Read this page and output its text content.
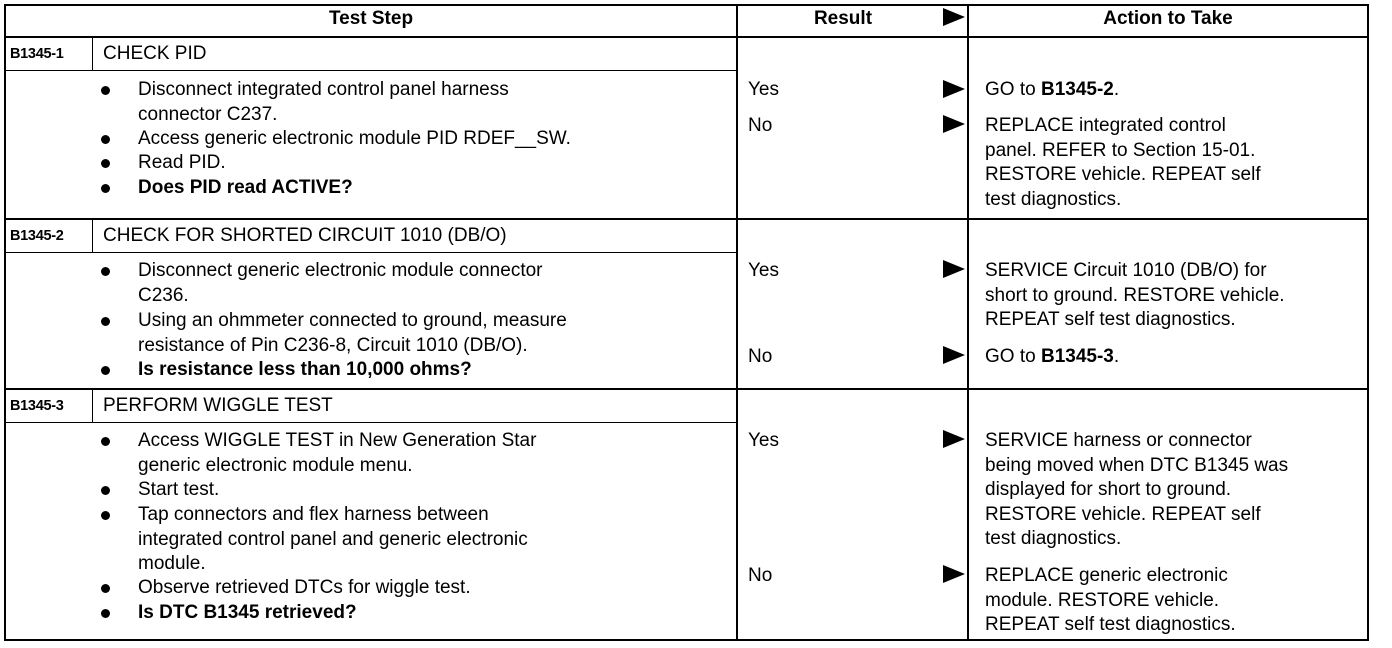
Test Step	Result	Action to Take
B1345-1 CHECK PID
Disconnect integrated control panel harness
connector C237.
Access generic electronic module PID RDEF__SW.
Read PID.
Does PID read ACTIVE?
Yes	GO to B1345-2.
No	REPLACE integrated control
panel. REFER to Section 15-01.
RESTORE vehicle. REPEAT self
test diagnostics.
B1345-2 CHECK FOR SHORTED CIRCUIT 1010 (DB/O)
Disconnect generic electronic module connector
C236.
Using an ohmmeter connected to ground, measure
resistance of Pin C236-8, Circuit 1010 (DB/O).
Is resistance less than 10,000 ohms?
Yes	SERVICE Circuit 1010 (DB/O) for
short to ground. RESTORE vehicle.
REPEAT self test diagnostics.
No	GO to B1345-3.
B1345-3 PERFORM WIGGLE TEST
Access WIGGLE TEST in New Generation Star
generic electronic module menu.
Start test.
Tap connectors and flex harness between
integrated control panel and generic electronic
module.
Observe retrieved DTCs for wiggle test.
Is DTC B1345 retrieved?
Yes	SERVICE harness or connector
being moved when DTC B1345 was
displayed for short to ground.
RESTORE vehicle. REPEAT self
test diagnostics.
No	REPLACE generic electronic
module. RESTORE vehicle.
REPEAT self test diagnostics.
